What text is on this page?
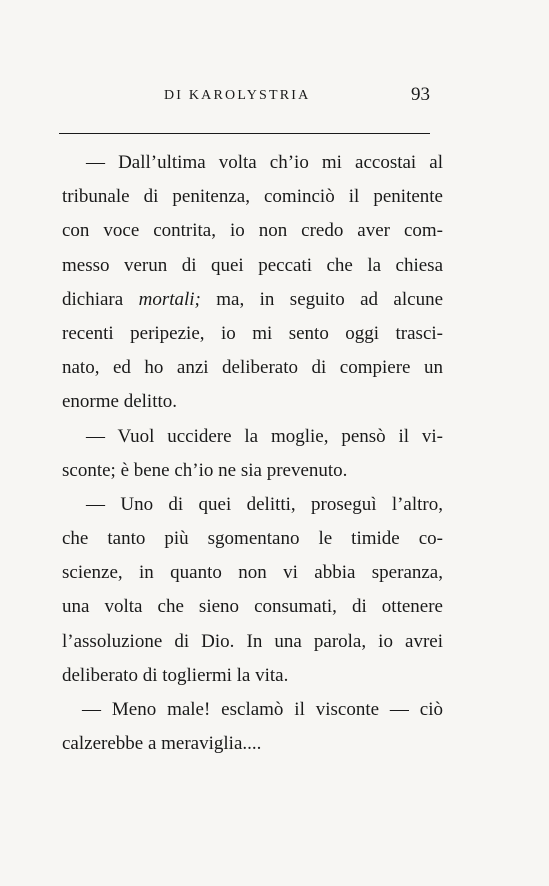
DI KAROLYSTRIA	93
— Dall’ultima volta ch’io mi accostai al
tribunale di penitenza, cominciò il penitente
con voce contrita, io non credo aver com-
messo verun di quei peccati che la chiesa
dichiara mortali; ma, in seguito ad alcune
recenti peripezie, io mi sento oggi trasci-
nato, ed ho anzi deliberato di compiere un
enorme delitto.
— Vuol uccidere la moglie, pensò il vi-
sconte; è bene ch’io ne sia prevenuto.
— Uno di quei delitti, proseguì l’altro,
che tanto più sgomentano le timide co-
scienze, in quanto non vi abbia speranza,
una volta che sieno consumati, di ottenere
l’assoluzione di Dio. In una parola, io avrei
deliberato di togliermi la vita.
— Meno male! esclamò il visconte — ciò
calzerebbe a meraviglia....
